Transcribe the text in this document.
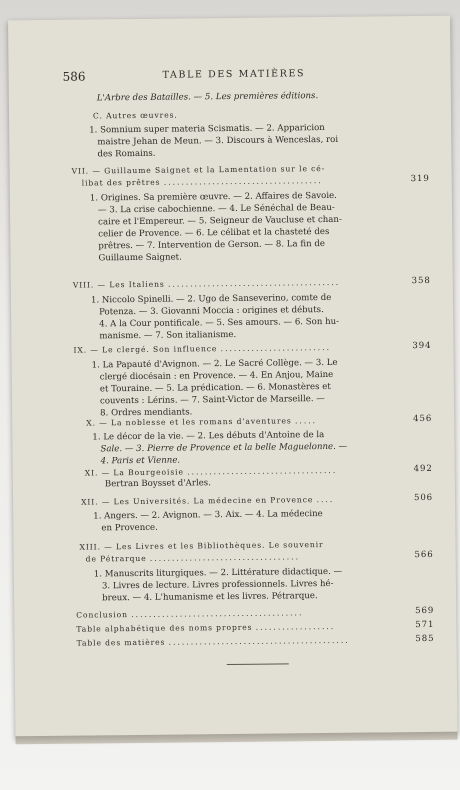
586	TABLE DES MATIÈRES
L'Arbre des Batailles. — 5. Les premières éditions.
C. Autres œuvres.
1. Somnium super materia Scismatis. — 2. Apparicion
maistre Jehan de Meun. — 3. Discours à Wenceslas, roi
des Romains.
VII. — Guillaume Saignet et la Lamentation sur le cé-
libat des prêtres ....................................	319
1. Origines. Sa première œuvre. — 2. Affaires de Savoie.
— 3. La crise cabochienne. — 4. Le Sénéchal de Beau-
caire et l'Empereur. — 5. Seigneur de Vaucluse et chan-
celier de Provence. — 6. Le célibat et la chasteté des
prêtres. — 7. Intervention de Gerson. — 8. La fin de
Guillaume Saignet.
VIII. — Les Italiens .......................................	358
1. Niccolo Spinelli. — 2. Ugo de Sanseverino, comte de
Potenza. — 3. Giovanni Moccia : origines et débuts.
4. A la Cour pontificale. — 5. Ses amours. — 6. Son hu-
manisme. — 7. Son italianisme.
IX. — Le clergé. Son influence .........................	394
1. La Papauté d'Avignon. — 2. Le Sacré Collège. — 3. Le
clergé diocésain : en Provence. — 4. En Anjou, Maine
et Touraine. — 5. La prédication. — 6. Monastères et
couvents : Lérins. — 7. Saint-Victor de Marseille. —
8. Ordres mendiants.
X. — La noblesse et les romans d'aventures .....	456
1. Le décor de la vie. — 2. Les débuts d'Antoine de la
Sale. — 3. Pierre de Provence et la belle Maguelonne. —
4. Paris et Vienne.
XI. — La Bourgeoisie ..................................	492
Bertran Boysset d'Arles.
XII. — Les Universités. La médecine en Provence ....	506
1. Angers. — 2. Avignon. — 3. Aix. — 4. La médecine
en Provence.
XIII. — Les Livres et les Bibliothèques. Le souvenir
de Pétrarque ..................................	566
1. Manuscrits liturgiques. — 2. Littérature didactique. —
3. Livres de lecture. Livres professionnels. Livres hé-
breux. — 4. L'humanisme et les livres. Pétrarque.
Conclusion .......................................	569
Table alphabétique des noms propres ..................	571
Table des matières .........................................	585
